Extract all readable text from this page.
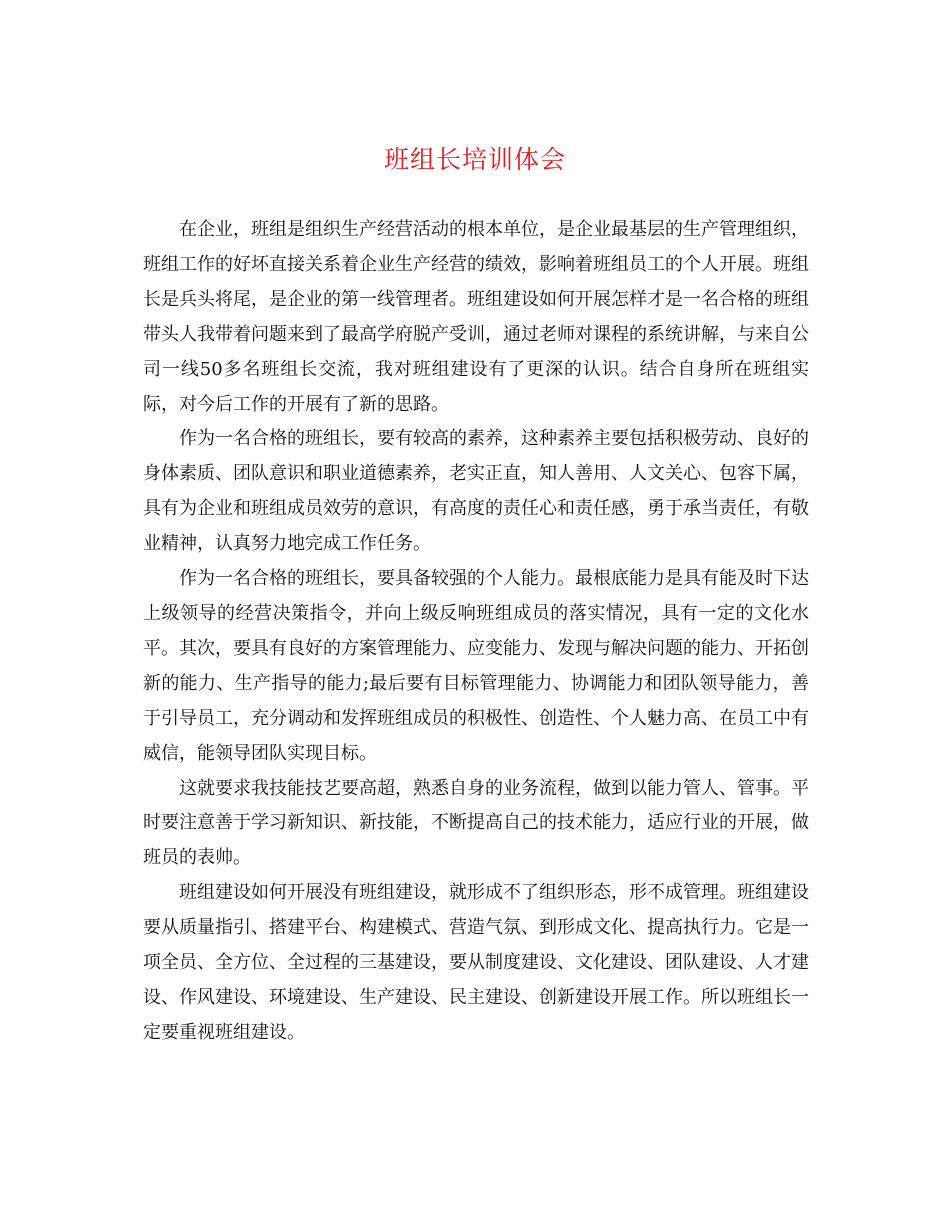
班组长培训体会

在企业，班组是组织生产经营活动的根本单位，是企业最基层的生产管理组织，班组工作的好坏直接关系着企业生产经营的绩效，影响着班组员工的个人开展。班组长是兵头将尾，是企业的第一线管理者。班组建设如何开展怎样才是一名合格的班组带头人我带着问题来到了最高学府脱产受训，通过老师对课程的系统讲解，与来自公司一线50多名班组长交流，我对班组建设有了更深的认识。结合自身所在班组实际，对今后工作的开展有了新的思路。

作为一名合格的班组长，要有较高的素养，这种素养主要包括积极劳动、良好的身体素质、团队意识和职业道德素养，老实正直，知人善用、人文关心、包容下属，具有为企业和班组成员效劳的意识，有高度的责任心和责任感，勇于承当责任，有敬业精神，认真努力地完成工作任务。

作为一名合格的班组长，要具备较强的个人能力。最根底能力是具有能及时下达上级领导的经营决策指令，并向上级反响班组成员的落实情况，具有一定的文化水平。其次，要具有良好的方案管理能力、应变能力、发现与解决问题的能力、开拓创新的能力、生产指导的能力;最后要有目标管理能力、协调能力和团队领导能力，善于引导员工，充分调动和发挥班组成员的积极性、创造性、个人魅力高、在员工中有威信，能领导团队实现目标。

这就要求我技能技艺要高超，熟悉自身的业务流程，做到以能力管人、管事。平时要注意善于学习新知识、新技能，不断提高自己的技术能力，适应行业的开展，做班员的表帅。

班组建设如何开展没有班组建设，就形成不了组织形态，形不成管理。班组建设要从质量指引、搭建平台、构建模式、营造气氛、到形成文化、提高执行力。它是一项全员、全方位、全过程的三基建设，要从制度建设、文化建设、团队建设、人才建设、作风建设、环境建设、生产建设、民主建设、创新建设开展工作。所以班组长一定要重视班组建设。
